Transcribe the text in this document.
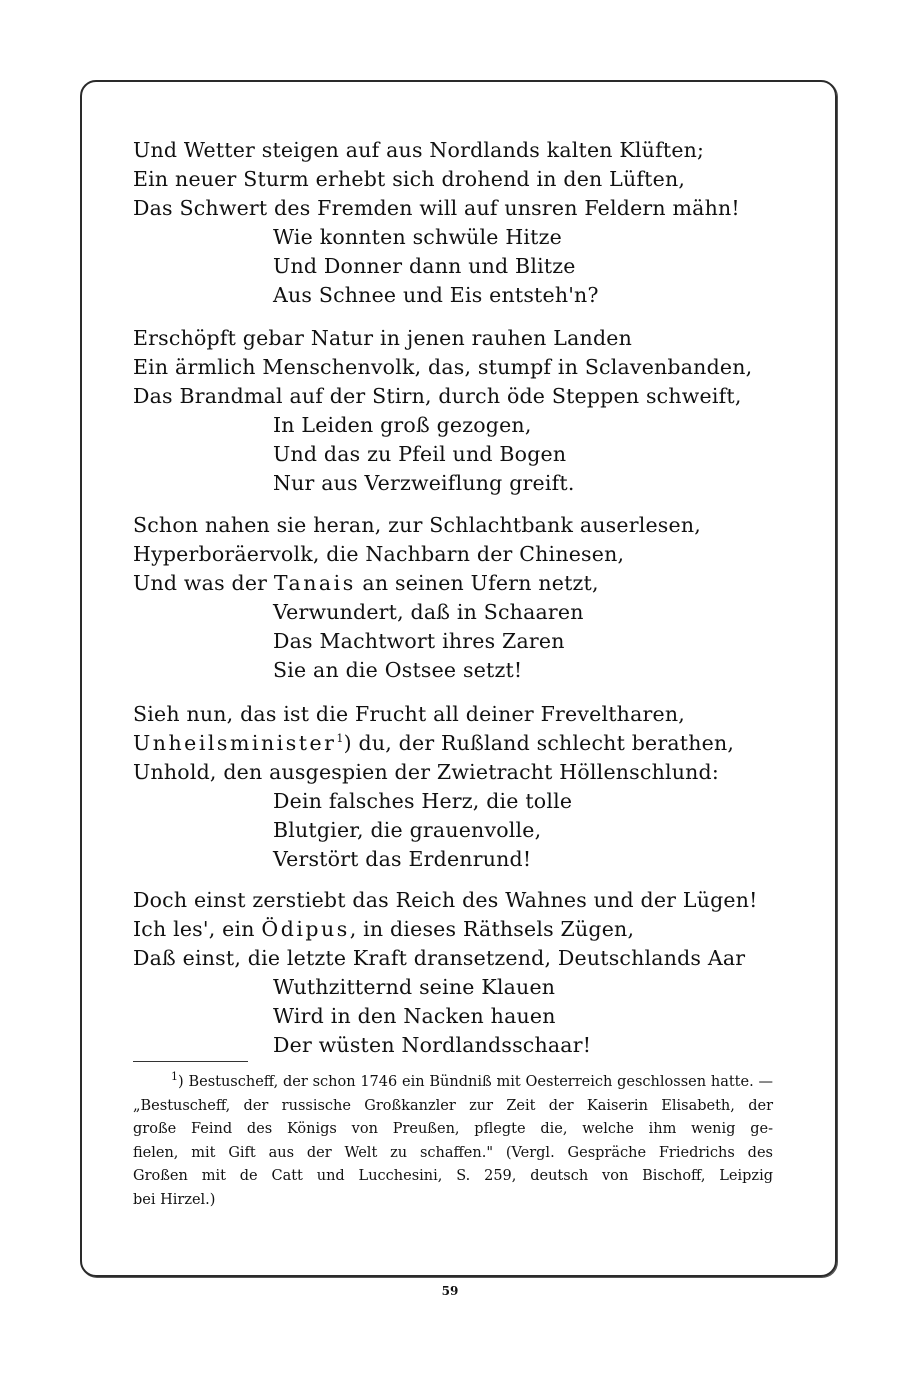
Und Wetter steigen auf aus Nordlands kalten Klüften;
Ein neuer Sturm erhebt sich drohend in den Lüften,
Das Schwert des Fremden will auf unsren Feldern mähn!
Wie konnten schwüle Hitze
Und Donner dann und Blitze
Aus Schnee und Eis entsteh'n?
Erschöpft gebar Natur in jenen rauhen Landen
Ein ärmlich Menschenvolk, das, stumpf in Sclavenbanden,
Das Brandmal auf der Stirn, durch öde Steppen schweift,
In Leiden groß gezogen,
Und das zu Pfeil und Bogen
Nur aus Verzweiflung greift.
Schon nahen sie heran, zur Schlachtbank auserlesen,
Hyperboräervolk, die Nachbarn der Chinesen,
Und was der Tanais an seinen Ufern netzt,
Verwundert, daß in Schaaren
Das Machtwort ihres Zaren
Sie an die Ostsee setzt!
Sieh nun, das ist die Frucht all deiner Freveltharen,
Unheilsminister$^1$) du, der Rußland schlecht berathen,
Unhold, den ausgespien der Zwietracht Höllenschlund:
Dein falsches Herz, die tolle
Blutgier, die grauenvolle,
Verstört das Erdenrund!
Doch einst zerstiebt das Reich des Wahnes und der Lügen!
Ich les', ein Ödipus, in dieses Räthsels Zügen,
Daß einst, die letzte Kraft dransetzend, Deutschlands Aar
Wuthzitternd seine Klauen
Wird in den Nacken hauen
Der wüsten Nordlandsschaar!
$^1$) Bestuscheff, der schon 1746 ein Bündniß mit Oesterreich geschlossen hatte. —
„Bestuscheff, der russische Großkanzler zur Zeit der Kaiserin Elisabeth, der
große Feind des Königs von Preußen, pflegte die, welche ihm wenig ge-
fielen, mit Gift aus der Welt zu schaffen." (Vergl. Gespräche Friedrichs des
Großen mit de Catt und Lucchesini, S. 259, deutsch von Bischoff, Leipzig
bei Hirzel.)
59
